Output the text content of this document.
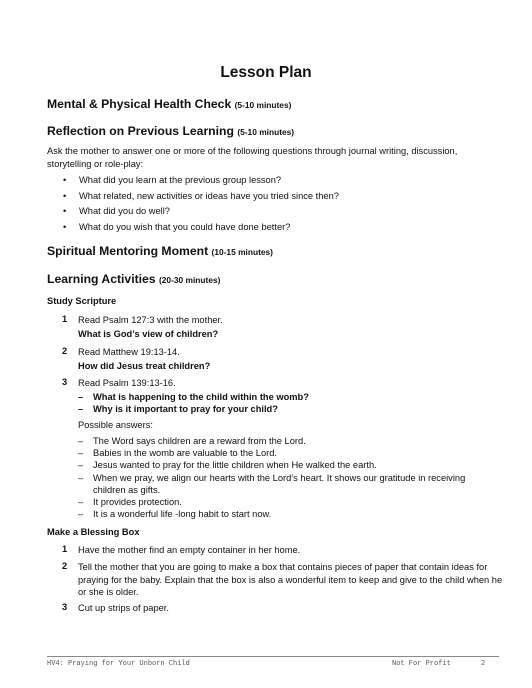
Lesson Plan
Mental & Physical Health Check (5-10 minutes)
Reflection on Previous Learning (5-10 minutes)
Ask the mother to answer one or more of the following questions through journal writing, discussion, storytelling or role-play:
• What did you learn at the previous group lesson?
• What related, new activities or ideas have you tried since then?
• What did you do well?
• What do you wish that you could have done better?
Spiritual Mentoring Moment (10-15 minutes)
Learning Activities (20-30 minutes)
Study Scripture
1 Read Psalm 127:3 with the mother.
What is God’s view of children?
2 Read Matthew 19:13-14.
How did Jesus treat children?
3 Read Psalm 139:13-16.
– What is happening to the child within the womb?
– Why is it important to pray for your child?
Possible answers:
– The Word says children are a reward from the Lord.
– Babies in the womb are valuable to the Lord.
– Jesus wanted to pray for the little children when He walked the earth.
– When we pray, we align our hearts with the Lord’s heart. It shows our gratitude in receiving children as gifts.
– It provides protection.
– It is a wonderful life -long habit to start now.
Make a Blessing Box
1 Have the mother find an empty container in her home.
2 Tell the mother that you are going to make a box that contains pieces of paper that contain ideas for praying for the baby. Explain that the box is also a wonderful item to keep and give to the child when he or she is older.
3 Cut up strips of paper.
HV4: Praying for Your Unborn Child	Not For Profit	2
